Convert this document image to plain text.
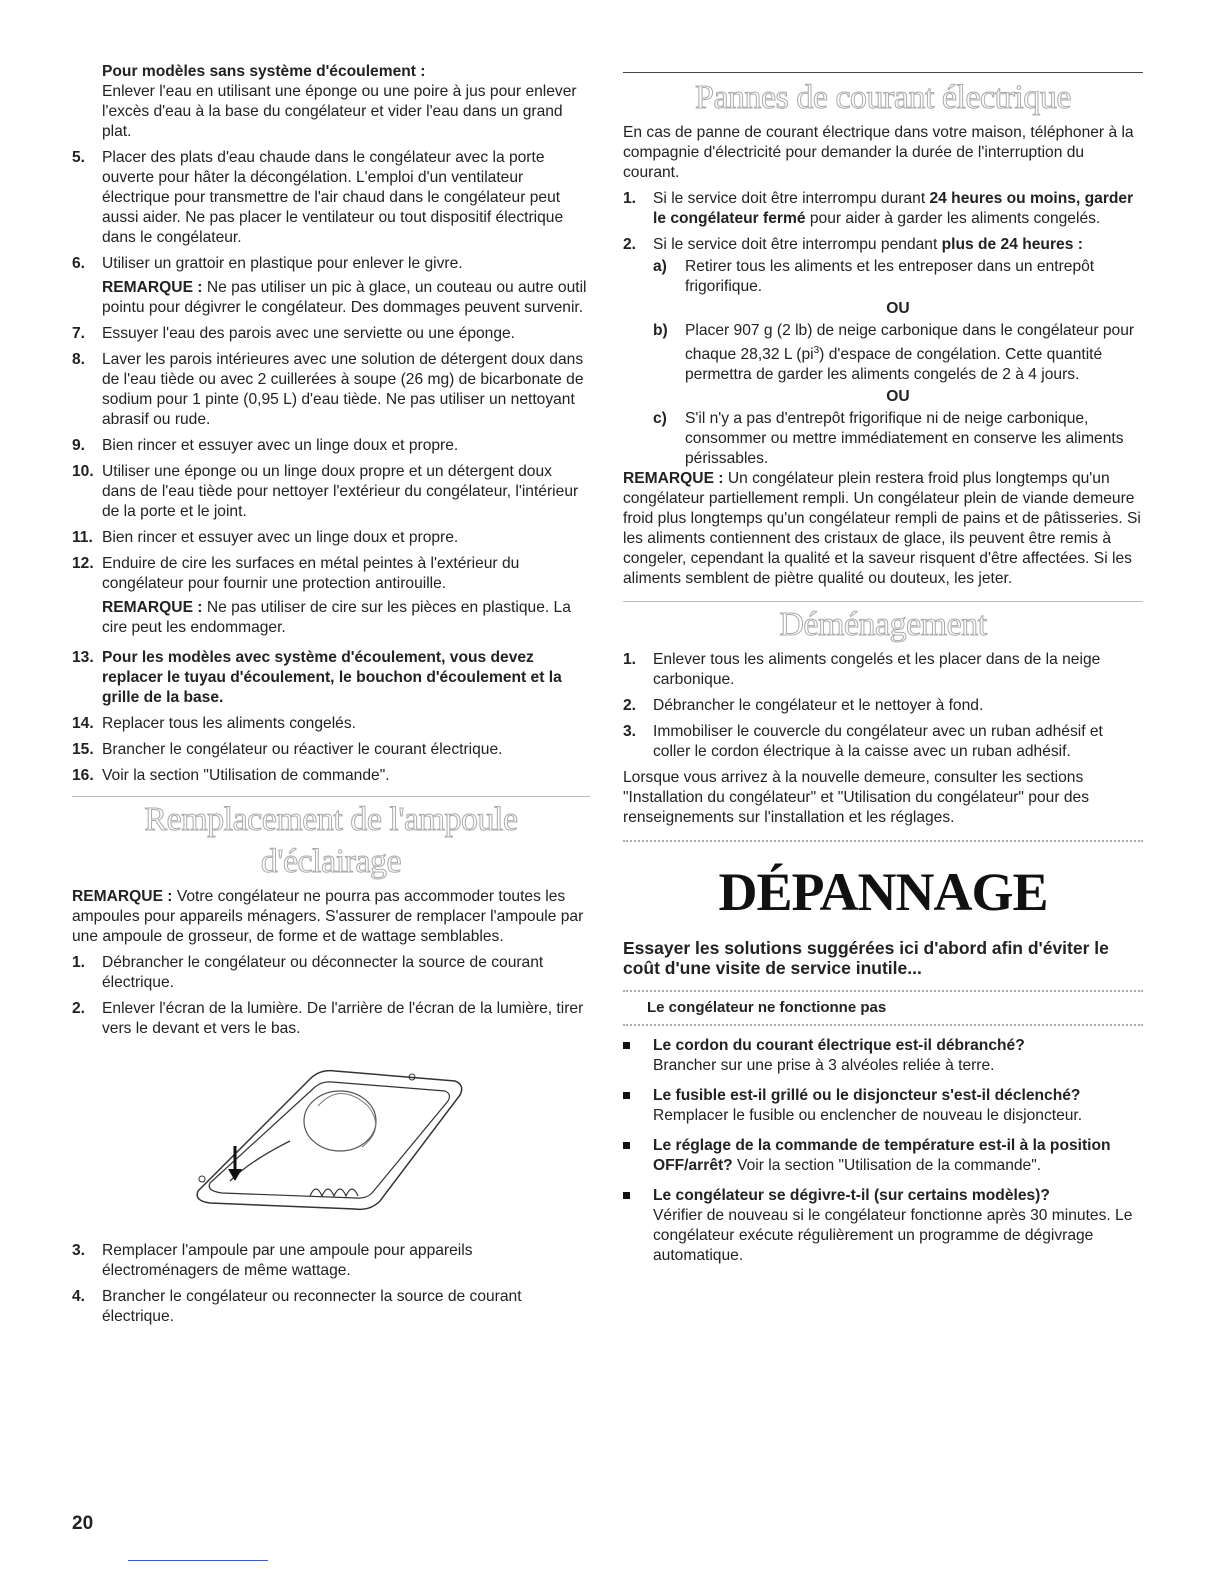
Pour modèles sans système d'écoulement :

Enlever l'eau en utilisant une éponge ou une poire à jus pour enlever l'excès d'eau à la base du congélateur et vider l'eau dans un grand plat.

5. Placer des plats d'eau chaude dans le congélateur avec la porte ouverte pour hâter la décongélation. L'emploi d'un ventilateur électrique pour transmettre de l'air chaud dans le congélateur peut aussi aider. Ne pas placer le ventilateur ou tout dispositif électrique dans le congélateur.
6. Utiliser un grattoir en plastique pour enlever le givre.

REMARQUE : Ne pas utiliser un pic à glace, un couteau ou autre outil pointu pour dégivrer le congélateur. Des dommages peuvent survenir.

7. Essuyer l'eau des parois avec une serviette ou une éponge.
8. Laver les parois intérieures avec une solution de détergent doux dans de l'eau tiède ou avec 2 cuillerées à soupe (26 mg) de bicarbonate de sodium pour 1 pinte (0,95 L) d'eau tiède. Ne pas utiliser un nettoyant abrasif ou rude.
9. Bien rincer et essuyer avec un linge doux et propre.
10. Utiliser une éponge ou un linge doux propre et un détergent doux dans de l'eau tiède pour nettoyer l'extérieur du congélateur, l'intérieur de la porte et le joint.
11. Bien rincer et essuyer avec un linge doux et propre.
12. Enduire de cire les surfaces en métal peintes à l'extérieur du congélateur pour fournir une protection antirouille.

REMARQUE : Ne pas utiliser de cire sur les pièces en plastique. La cire peut les endommager.

13. Pour les modèles avec système d'écoulement, vous devez replacer le tuyau d'écoulement, le bouchon d'écoulement et la grille de la base.
14. Replacer tous les aliments congelés.
15. Brancher le congélateur ou réactiver le courant électrique.
16. Voir la section "Utilisation de commande".
Remplacement de l'ampoule d'éclairage

REMARQUE : Votre congélateur ne pourra pas accommoder toutes les ampoules pour appareils ménagers. S'assurer de remplacer l'ampoule par une ampoule de grosseur, de forme et de wattage semblables.

1. Débrancher le congélateur ou déconnecter la source de courant électrique.
2. Enlever l'écran de la lumière. De l'arrière de l'écran de la lumière, tirer vers le devant et vers le bas.
3. Remplacer l'ampoule par une ampoule pour appareils électroménagers de même wattage.
4. Brancher le congélateur ou reconnecter la source de courant électrique.
Pannes de courant électrique

En cas de panne de courant électrique dans votre maison, téléphoner à la compagnie d'électricité pour demander la durée de l'interruption du courant.

1. Si le service doit être interrompu durant 24 heures ou moins, garder le congélateur fermé pour aider à garder les aliments congelés.
2. Si le service doit être interrompu pendant plus de 24 heures :
a) Retirer tous les aliments et les entreposer dans un entrepôt frigorifique.
OU
b) Placer 907 g (2 lb) de neige carbonique dans le congélateur pour chaque 28,32 L $(pi^3)$ d'espace de congélation. Cette quantité permettra de garder les aliments congelés de 2 à 4 jours.
OU
c) S'il n'y a pas d'entrepôt frigorifique ni de neige carbonique, consommer ou mettre immédiatement en conserve les aliments périssables.

REMARQUE : Un congélateur plein restera froid plus longtemps qu'un congélateur partiellement rempli. Un congélateur plein de viande demeure froid plus longtemps qu'un congélateur rempli de pains et de pâtisseries. Si les aliments contiennent des cristaux de glace, ils peuvent être remis à congeler, cependant la qualité et la saveur risquent d'être affectées. Si les aliments semblent de piètre qualité ou douteux, les jeter.

Déménagement
1. Enlever tous les aliments congelés et les placer dans de la neige carbonique.
2. Débrancher le congélateur et le nettoyer à fond.
3. Immobiliser le couvercle du congélateur avec un ruban adhésif et coller le cordon électrique à la caisse avec un ruban adhésif.

Lorsque vous arrivez à la nouvelle demeure, consulter les sections "Installation du congélateur" et "Utilisation du congélateur" pour des renseignements sur l'installation et les réglages.

DÉPANNAGE

Essayer les solutions suggérées ici d'abord afin d'éviter le coût d'une visite de service inutile...

Le congélateur ne fonctionne pas
Le cordon du courant électrique est-il débranché?
Brancher sur une prise à 3 alvéoles reliée à terre.
Le fusible est-il grillé ou le disjoncteur s'est-il déclenché?
Remplacer le fusible ou enclencher de nouveau le disjoncteur.
Le réglage de la commande de température est-il à la position OFF/arrêt? Voir la section "Utilisation de la commande".
Le congélateur se dégivre-t-il (sur certains modèles)?
Vérifier de nouveau si le congélateur fonctionne après 30 minutes. Le congélateur exécute régulièrement un programme de dégivrage automatique.
20
